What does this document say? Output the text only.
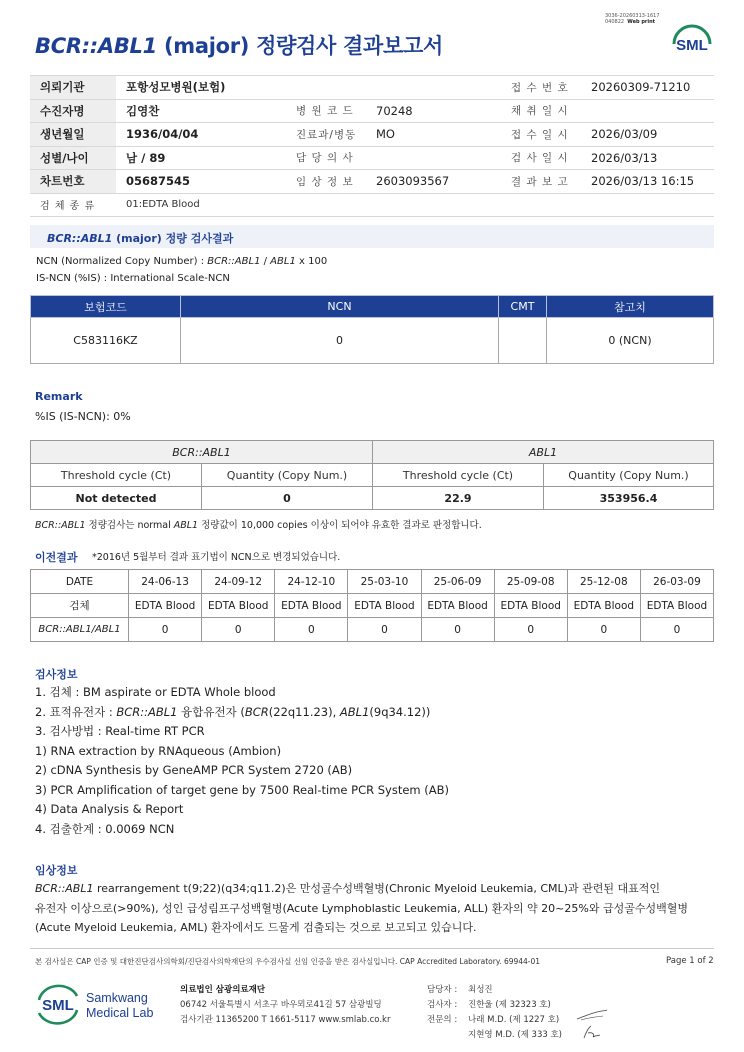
3036-20260313-1617
040822 Web print
BCR::ABL1 (major) 정량검사 결과보고서	SML
의뢰기관	포항성모병원(보험)			접 수 번 호	20260309-71210
수진자명	김영찬	병 원 코 드	70248	채 취 일 시	
생년월일	1936/04/04	진료과/병동	MO	접 수 일 시	2026/03/09
성별/나이	남 / 89	담 당 의 사		검 사 일 시	2026/03/13
차트번호	05687545	임 상 정 보	2603093567	결 과 보 고	2026/03/13 16:15
검 체 종 류	01:EDTA Blood				
BCR::ABL1 (major) 정량 검사결과
NCN (Normalized Copy Number) : BCR::ABL1 / ABL1 x 100
IS-NCN (%IS) : International Scale-NCN
보험코드	NCN	CMT	참고치
C583116KZ	0		0 (NCN)
Remark
%IS (IS-NCN): 0%
BCR::ABL1		ABL1	
Threshold cycle (Ct)	Quantity (Copy Num.)	Threshold cycle (Ct)	Quantity (Copy Num.)
Not detected	0	22.9	353956.4
BCR::ABL1 정량검사는 normal ABL1 정량값이 10,000 copies 이상이 되어야 유효한 결과로 판정합니다.
이전결과 *2016년 5월부터 결과 표기법이 NCN으로 변경되었습니다.
DATE	24-06-13	24-09-12	24-12-10	25-03-10	25-06-09	25-09-08	25-12-08	26-03-09
검체	EDTA Blood	EDTA Blood	EDTA Blood	EDTA Blood	EDTA Blood	EDTA Blood	EDTA Blood	EDTA Blood
BCR::ABL1/ABL1	0	0	0	0	0	0	0	0
검사정보
1. 검체 : BM aspirate or EDTA Whole blood
2. 표적유전자 : BCR::ABL1 융합유전자 (BCR(22q11.23), ABL1(9q34.12))
3. 검사방법 : Real-time RT PCR
1) RNA extraction by RNAqueous (Ambion)
2) cDNA Synthesis by GeneAMP PCR System 2720 (AB)
3) PCR Amplification of target gene by 7500 Real-time PCR System (AB)
4) Data Analysis & Report
4. 검출한계 : 0.0069 NCN
임상정보
BCR::ABL1 rearrangement t(9;22)(q34;q11.2)은 만성골수성백혈병(Chronic Myeloid Leukemia, CML)과 관련된 대표적인
유전자 이상으로(>90%), 성인 급성림프구성백혈병(Acute Lymphoblastic Leukemia, ALL) 환자의 약 20~25%와 급성골수성백혈병
(Acute Myeloid Leukemia, AML) 환자에서도 드물게 검출되는 것으로 보고되고 있습니다.
본 검사실은 CAP 인증 및 대한진단검사의학회/진단검사의학재단의 우수검사실 신임 인증을 받은 검사실입니다. CAP Accredited Laboratory. 69944-01	Page 1 of 2
SML Samkwang
Medical Lab
의료법인 삼광의료재단
06742 서울특별시 서초구 바우뫼로41길 57 삼광빌딩
검사기관 11365200 T 1661-5117 www.smlab.co.kr
담당자 : 최성진
검사자 : 진한울 (제 32323 호)
전문의 : 나래 M.D. (제 1227 호)
지현영 M.D. (제 333 호)
